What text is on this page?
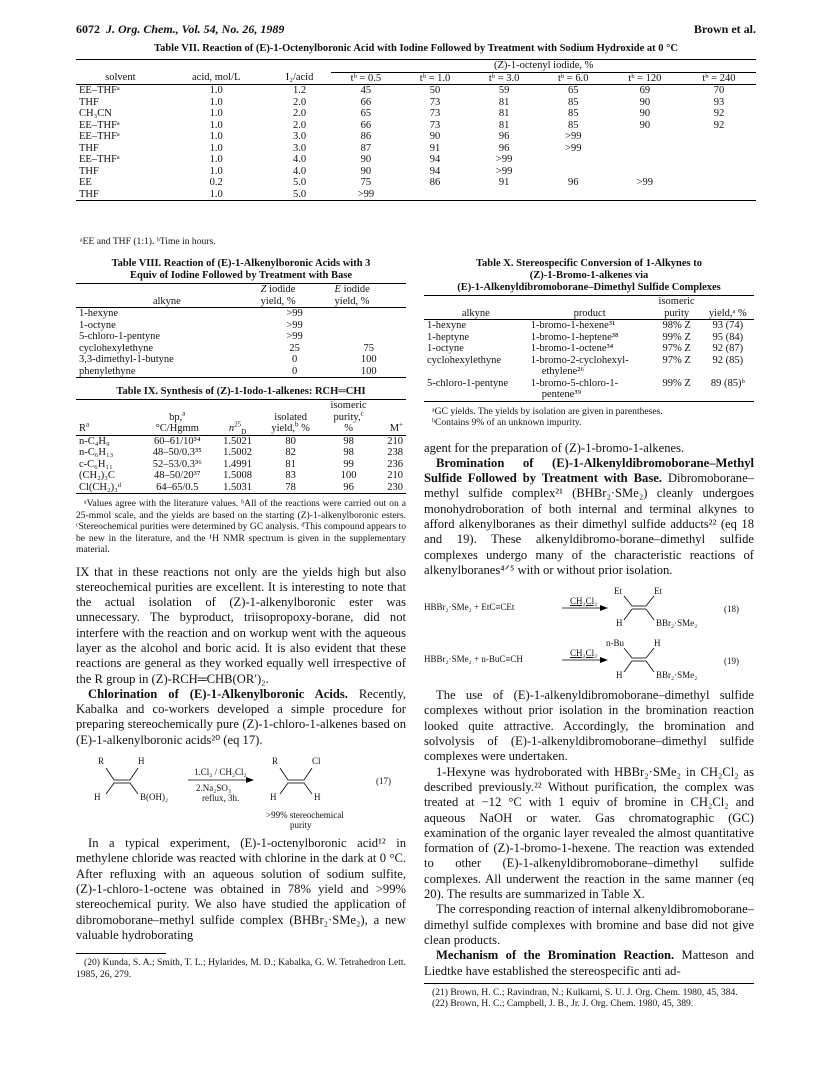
6072 J. Org. Chem., Vol. 54, No. 26, 1989	Brown et al.
Table VII. Reaction of (E)-1-Octenylboronic Acid with Iodine Followed by Treatment with Sodium Hydroxide at 0 °C
			(Z)-1-octenyl iodide, %					
solvent	acid, mol/L	I₂/acid	tᵇ = 0.5	tᵇ = 1.0	tᵇ = 3.0	tᵇ = 6.0	tᵇ = 120	tᵇ = 240
EE–THFᵃ	1.0	1.2	45	50	59	65	69	70
THF	1.0	2.0	66	73	81	85	90	93
CH₃CN	1.0	2.0	65	73	81	85	90	92
EE–THFᵃ	1.0	2.0	66	73	81	85	90	92
EE–THFᵃ	1.0	3.0	86	90	96	>99		
THF	1.0	3.0	87	91	96	>99		
EE–THFᵃ	1.0	4.0	90	94	>99			
THF	1.0	4.0	90	94	>99			
EE	0.2	5.0	75	86	91	96	>99	
THF	1.0	5.0	>99					
ᵃEE and THF (1:1). ᵇTime in hours.
Table VIII. Reaction of (E)-1-Alkenylboronic Acids with 3
Equiv of Iodine Followed by Treatment with Base
	Z iodide	E iodide
alkyne	yield, %	yield, %
1-hexyne	>99	
1-octyne	>99	
5-chloro-1-pentyne	>99	
cyclohexylethyne	25	75
3,3-dimethyl-1-butyne	0	100
phenylethyne	0	100
Table IX. Synthesis of (Z)-1-Iodo-1-alkenes: RCH═CHI
				isomeric	
	bp,$^a$		isolated	purity,$^c$	
$R^a$	°C/Hgmm	$n^{25}_D$	yield,$^b$ %	%	M+
n-C₄H₉	60–61/10³⁴	1.5021	80	98	210
n-C₆H₁₃	48–50/0.3³⁵	1.5002	82	98	238
c-C₆H₁₁	52–53/0.3³⁶	1.4991	81	99	236
(CH₂)₃C	48–50/20³⁷	1.5008	83	100	210
Cl(CH₂)₃ᵈ	64–65/0.5	1.5031	78	96	230
ᵃValues agree with the literature values. ᵇAll of the reactions were carried out on a 25-mmol scale, and the yields are based on the starting (Z)-1-alkenylboronic esters. ᶜStereochemical purities were determined by GC analysis. ᵈThis compound appears to be new in the literature, and the ¹H NMR spectrum is given in the supplementary material.
IX that in these reactions not only are the yields high but also stereochemical purities are excellent. It is interesting to note that the actual isolation of (Z)-1-alkenylboronic ester was unnecessary. The byproduct, triisopropoxy-borane, did not interfere with the reaction and on workup went with the aqueous layer as the alcohol and boric acid. It is also evident that these reactions are general as they worked equally well irrespective of the R group in (Z)-RCH═CHB(OR′)₂.
Chlorination of (E)-1-Alkenylboronic Acids. Recently, Kabalka and co-workers developed a simple procedure for preparing stereochemically pure (Z)-1-chloro-1-alkenes based on (E)-1-alkenylboronic acids²⁰ (eq 17).
R	H
H	B(OH)₂
1.Cl₂ / CH₂Cl₂
2.Na₂SO₃
reflux, 3h.
R	Cl
H	H
>99% stereochemical
purity
(17)
In a typical experiment, (E)-1-octenylboronic acid¹² in methylene chloride was reacted with chlorine in the dark at 0 °C. After refluxing with an aqueous solution of sodium sulfite, (Z)-1-chloro-1-octene was obtained in 78% yield and >99% stereochemical purity. We also have studied the application of dibromoborane–methyl sulfide complex (BHBr₂·SMe₂), a new valuable hydroborating
(20) Kunda, S. A.; Smith, T. L.; Hylarides, M. D.; Kabalka, G. W. Tetrahedron Lett. 1985, 26, 279.
Table X. Stereospecific Conversion of 1-Alkynes to
(Z)-1-Bromo-1-alkenes via
(E)-1-Alkenyldibromoborane–Dimethyl Sulfide Complexes
		isomeric	
alkyne	product	purity	yield,ᵃ %
1-hexyne	1-bromo-1-hexene³¹	98% Z	93 (74)
1-heptyne	1-bromo-1-heptene³⁸	99% Z	95 (84)
1-octyne	1-bromo-1-octene³⁴	97% Z	92 (87)
cyclohexylethyne	1-bromo-2-cyclohexyl-	97% Z	92 (85)
	ethylene²⁶		
5-chloro-1-pentyne	1-bromo-5-chloro-1-	99% Z	89 (85)ᵇ
	pentene³⁹		
ᵃGC yields. The yields by isolation are given in parentheses.
ᵇContains 9% of an unknown impurity.
agent for the preparation of (Z)-1-bromo-1-alkenes.
Bromination of (E)-1-Alkenyldibromoborane–Methyl Sulfide Followed by Treatment with Base. Dibromoborane–methyl sulfide complex²¹ (BHBr₂·SMe₂) cleanly undergoes monohydroboration of both internal and terminal alkynes to afford alkenylboranes as their dimethyl sulfide adducts²² (eq 18 and 19). These alkenyldibromo-borane–dimethyl sulfide complexes undergo many of the characteristic reactions of alkenylboranes⁴ᐟ⁵ with or without prior isolation.
HBBr₂·SMe₂ + EtC≡CEt
CH₂Cl₂
Et	Et
H	BBr₂·SMe₂
(18)
HBBr₂·SMe₂ + n-BuC≡CH
CH₂Cl₂
n-Bu	H
H	BBr₂·SMe₂
(19)
The use of (E)-1-alkenyldibromoborane–dimethyl sulfide complexes without prior isolation in the bromination reaction looked quite attractive. Accordingly, the bromination and solvolysis of (E)-1-alkenyldibromoborane–dimethyl sulfide complexes were undertaken.
1-Hexyne was hydroborated with HBBr₂·SMe₂ in CH₂Cl₂ as described previously.²² Without purification, the complex was treated at −12 °C with 1 equiv of bromine in CH₂Cl₂ and aqueous NaOH or water. Gas chromatographic (GC) examination of the organic layer revealed the almost quantitative formation of (Z)-1-bromo-1-hexene. The reaction was extended to other (E)-1-alkenyldibromoborane–dimethyl sulfide complexes. All underwent the reaction in the same manner (eq 20). The results are summarized in Table X.
The corresponding reaction of internal alkenyldibromoborane–dimethyl sulfide complexes with bromine and base did not give clean products.
Mechanism of the Bromination Reaction. Matteson and Liedtke have established the stereospecific anti ad-
(21) Brown, H. C.; Ravindran, N.; Kulkarni, S. U. J. Org. Chem. 1980, 45, 384.
(22) Brown, H. C.; Campbell, J. B., Jr. J. Org. Chem. 1980, 45, 389.
